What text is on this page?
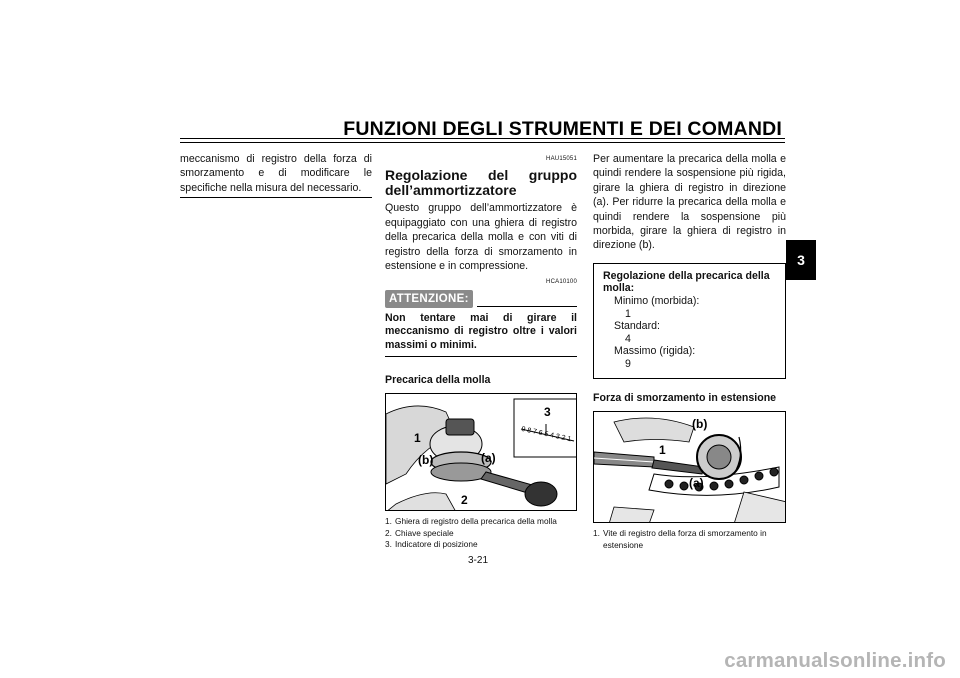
FUNZIONI DEGLI STRUMENTI E DEI COMANDI
3
meccanismo di registro della forza di smorzamento e di modificare le specifiche nella misura del necessario.
HAU15051
Regolazione del gruppo dell’ammortizzatore
Questo gruppo dell’ammortizzatore è equipaggiato con una ghiera di registro della precarica della molla e con viti di registro della forza di smorzamento in estensione e in compressione.
HCA10100
ATTENZIONE:
Non tentare mai di girare il meccanismo di registro oltre i valori massimi o minimi.
Precarica della molla
9 8 7 6 5 4 3 2 1
1
(b)	(a)
2
3
1. Ghiera di registro della precarica della molla
2. Chiave speciale
3. Indicatore di posizione
Per aumentare la precarica della molla e quindi rendere la sospensione più rigida, girare la ghiera di registro in direzione (a). Per ridurre la precarica della molla e quindi rendere la sospensione più morbida, girare la ghiera di registro in direzione (b).
Regolazione della precarica della molla:
Minimo (morbida):
1
Standard:
4
Massimo (rigida):
9
Forza di smorzamento in estensione
(b)
1
(a)
1. Vite di registro della forza di smorzamento in estensione
3-21
carmanualsonline.info
